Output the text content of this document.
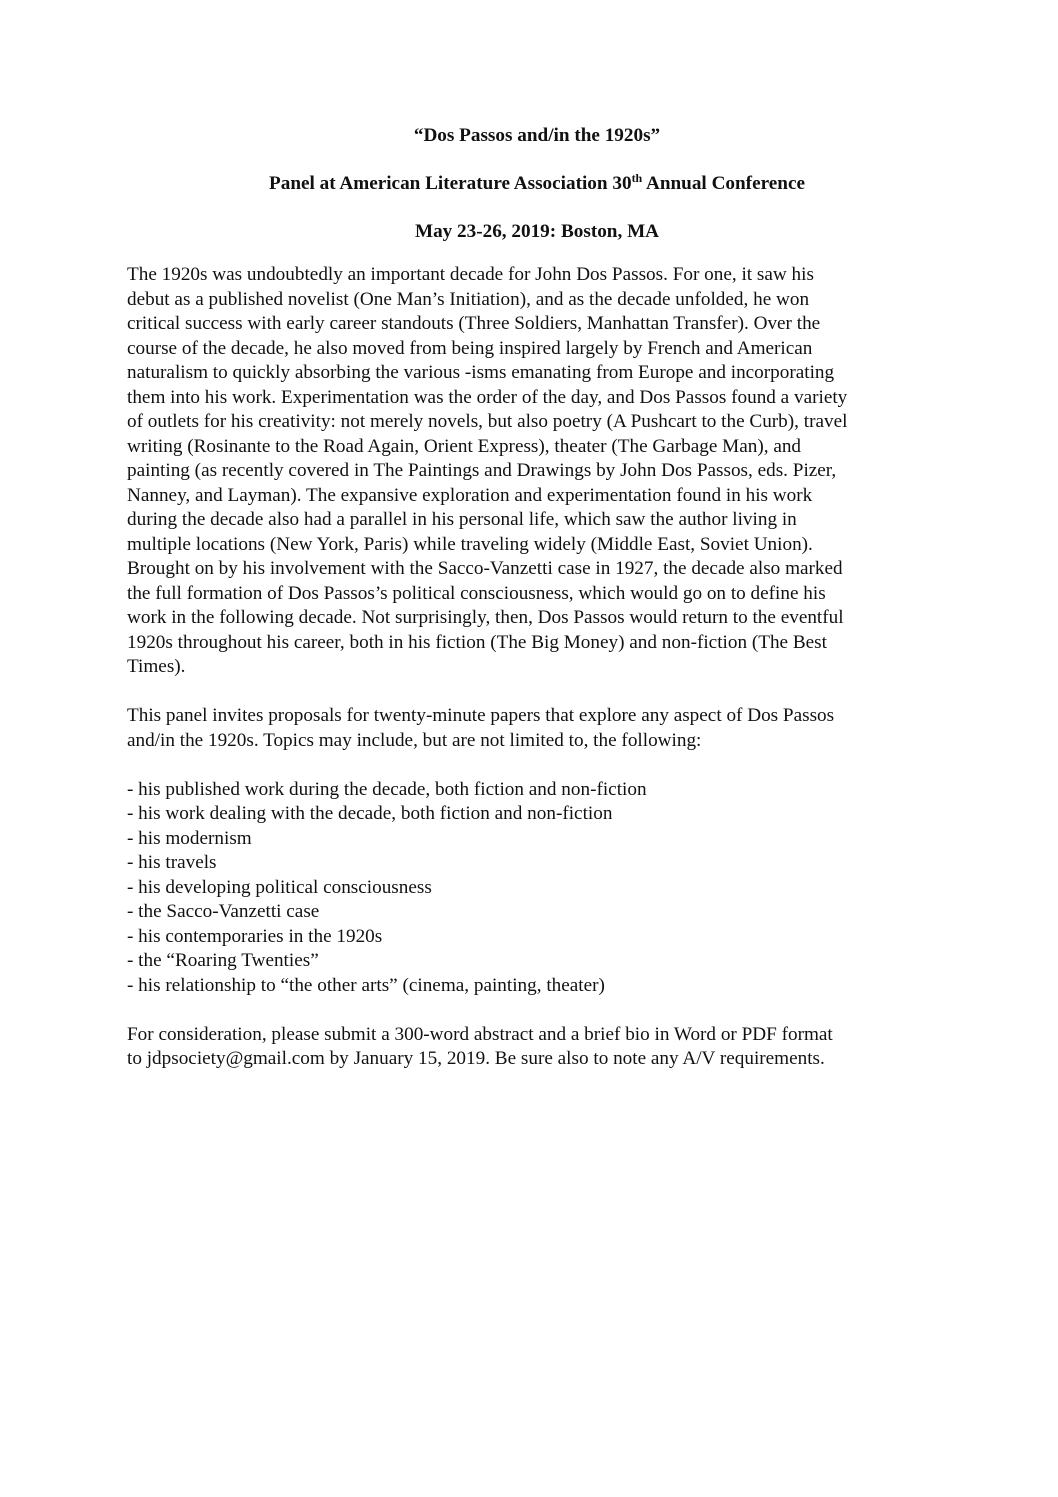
“Dos Passos and/in the 1920s”
Panel at American Literature Association 30th Annual Conference
May 23-26, 2019: Boston, MA
The 1920s was undoubtedly an important decade for John Dos Passos. For one, it saw his
debut as a published novelist (One Man’s Initiation), and as the decade unfolded, he won
critical success with early career standouts (Three Soldiers, Manhattan Transfer). Over the
course of the decade, he also moved from being inspired largely by French and American
naturalism to quickly absorbing the various -isms emanating from Europe and incorporating
them into his work. Experimentation was the order of the day, and Dos Passos found a variety
of outlets for his creativity: not merely novels, but also poetry (A Pushcart to the Curb), travel
writing (Rosinante to the Road Again, Orient Express), theater (The Garbage Man), and
painting (as recently covered in The Paintings and Drawings by John Dos Passos, eds. Pizer,
Nanney, and Layman). The expansive exploration and experimentation found in his work
during the decade also had a parallel in his personal life, which saw the author living in
multiple locations (New York, Paris) while traveling widely (Middle East, Soviet Union).
Brought on by his involvement with the Sacco-Vanzetti case in 1927, the decade also marked
the full formation of Dos Passos’s political consciousness, which would go on to define his
work in the following decade. Not surprisingly, then, Dos Passos would return to the eventful
1920s throughout his career, both in his fiction (The Big Money) and non-fiction (The Best
Times).
This panel invites proposals for twenty-minute papers that explore any aspect of Dos Passos
and/in the 1920s. Topics may include, but are not limited to, the following:
- his published work during the decade, both fiction and non-fiction
- his work dealing with the decade, both fiction and non-fiction
- his modernism
- his travels
- his developing political consciousness
- the Sacco-Vanzetti case
- his contemporaries in the 1920s
- the “Roaring Twenties”
- his relationship to “the other arts” (cinema, painting, theater)
For consideration, please submit a 300-word abstract and a brief bio in Word or PDF format
to jdpsociety@gmail.com by January 15, 2019. Be sure also to note any A/V requirements.
